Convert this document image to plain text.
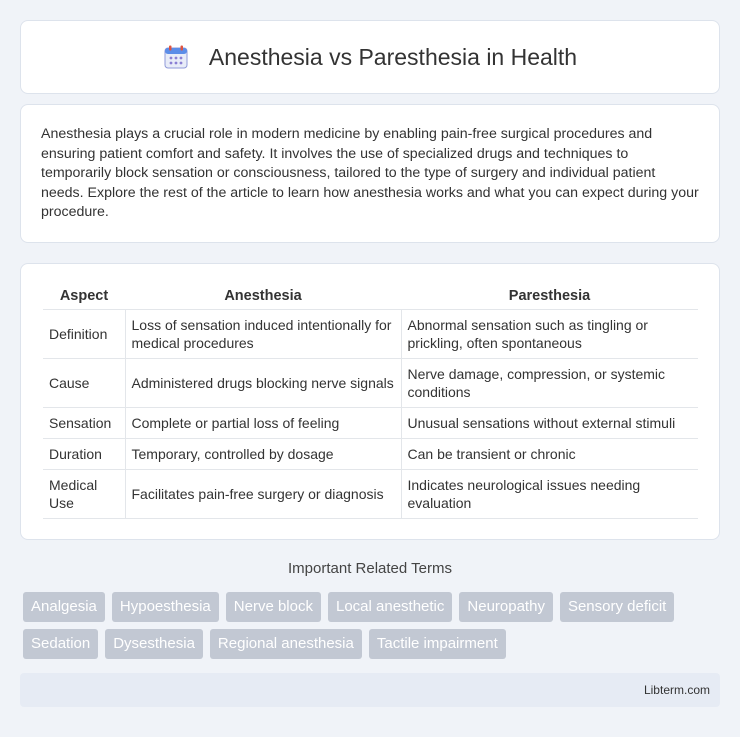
Anesthesia vs Paresthesia in Health

Anesthesia plays a crucial role in modern medicine by enabling pain-free surgical procedures and ensuring patient comfort and safety. It involves the use of specialized drugs and techniques to temporarily block sensation or consciousness, tailored to the type of surgery and individual patient needs. Explore the rest of the article to learn how anesthesia works and what you can expect during your procedure.

Aspect	Anesthesia	Paresthesia
Definition	Loss of sensation induced intentionally for medical procedures	Abnormal sensation such as tingling or prickling, often spontaneous
Cause	Administered drugs blocking nerve signals	Nerve damage, compression, or systemic conditions
Sensation	Complete or partial loss of feeling	Unusual sensations without external stimuli
Duration	Temporary, controlled by dosage	Can be transient or chronic
Medical Use	Facilitates pain-free surgery or diagnosis	Indicates neurological issues needing evaluation
Important Related Terms
Analgesia	Hypoesthesia	Nerve block	Local anesthetic	Neuropathy	Sensory deficit
Sedation	Dysesthesia	Regional anesthesia	Tactile impairment
Libterm.com
